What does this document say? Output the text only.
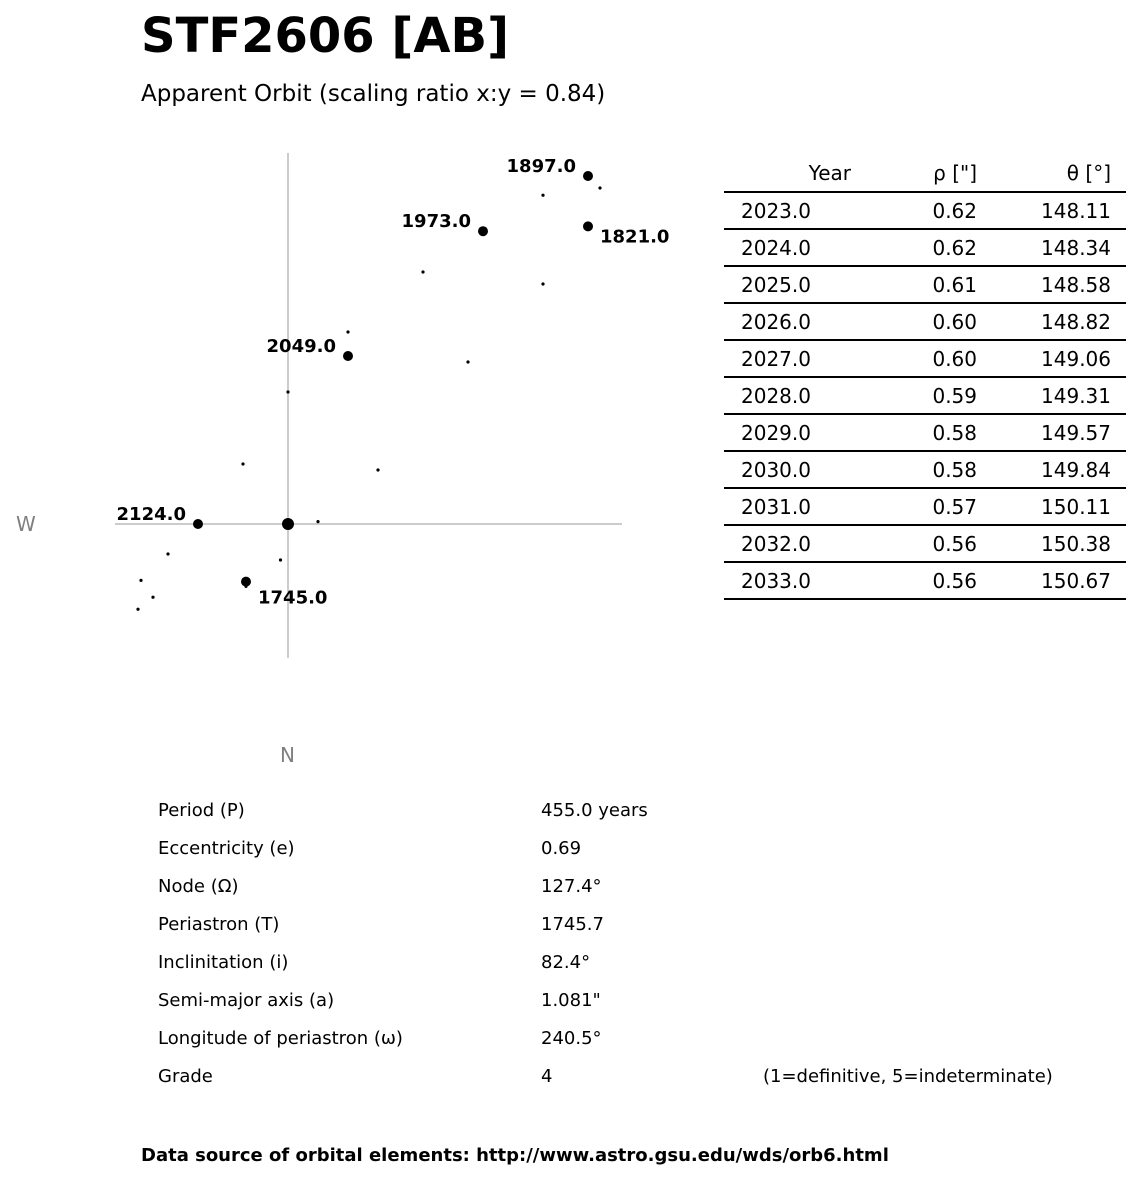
STF2606 [AB]
Apparent Orbit (scaling ratio x:y = 0.84)
1897.0
1973.0
1821.0
2049.0
2124.0
1745.0
W
N
Year	ρ ["]	θ [°]
2023.0	0.62	148.11
2024.0	0.62	148.34
2025.0	0.61	148.58
2026.0	0.60	148.82
2027.0	0.60	149.06
2028.0	0.59	149.31
2029.0	0.58	149.57
2030.0	0.58	149.84
2031.0	0.57	150.11
2032.0	0.56	150.38
2033.0	0.56	150.67
Period (P)	455.0 years
Eccentricity (e)	0.69
Node (Ω)	127.4°
Periastron (T)	1745.7
Inclinitation (i)	82.4°
Semi-major axis (a)	1.081"
Longitude of periastron (ω)	240.5°
Grade	4	(1=definitive, 5=indeterminate)
Data source of orbital elements: http://www.astro.gsu.edu/wds/orb6.html
